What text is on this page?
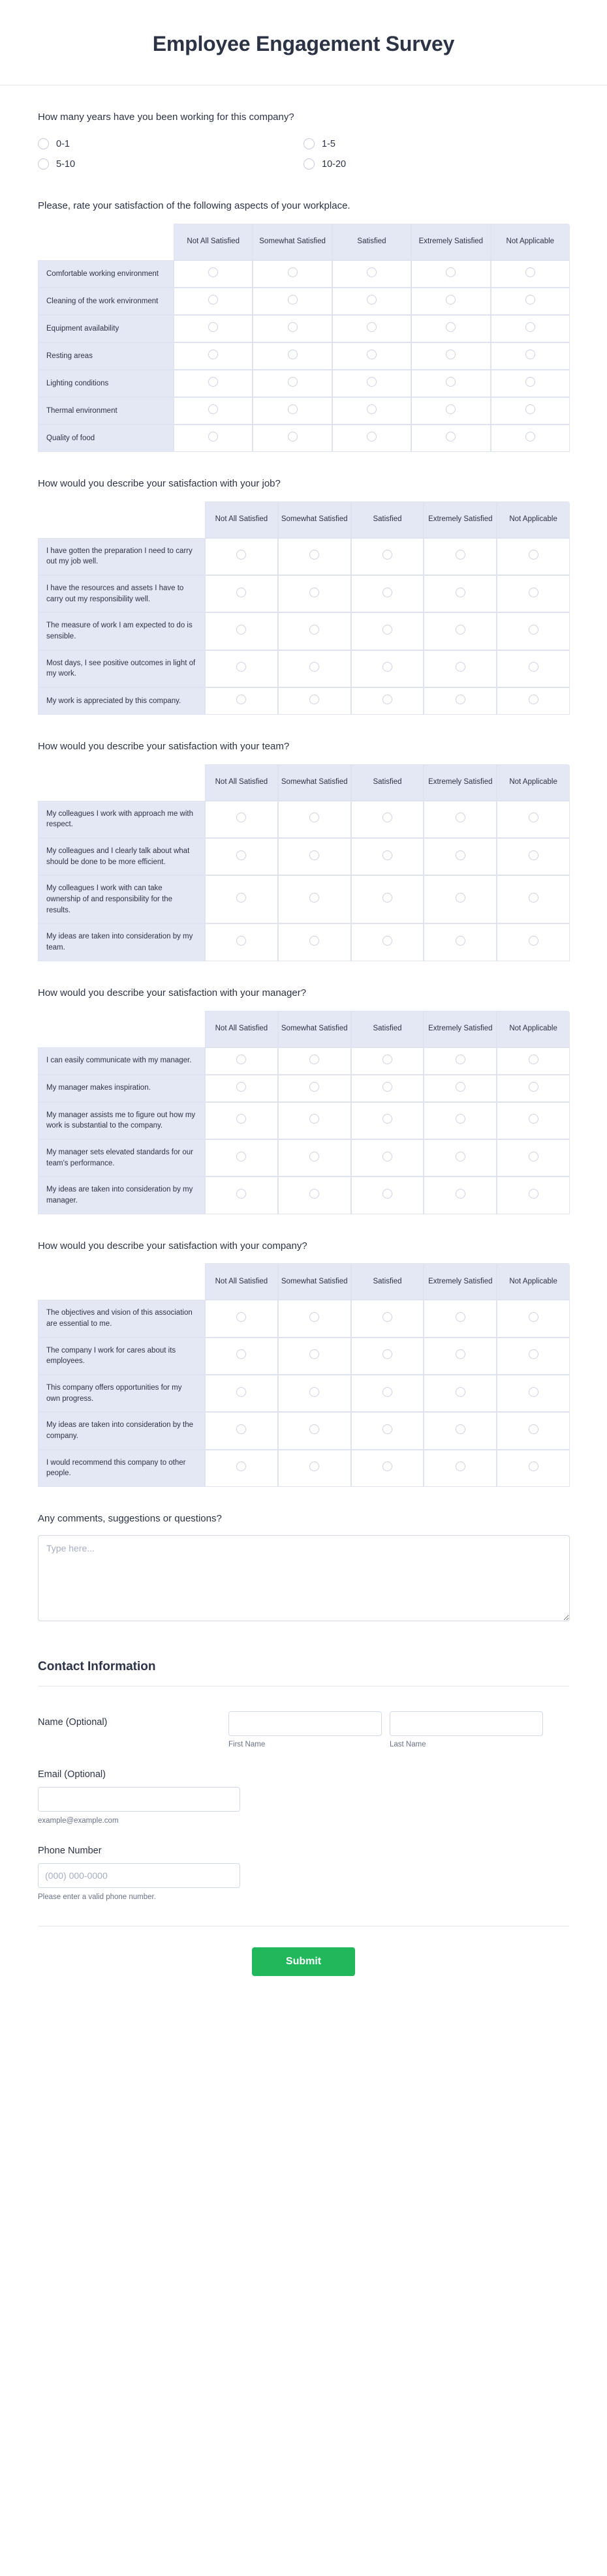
Employee Engagement Survey
How many years have you been working for this company?
0-1	1-5
5-10	10-20
Please, rate your satisfaction of the following aspects of your workplace.
	Not All Satisfied	Somewhat Satisfied	Satisfied	Extremely Satisfied	Not Applicable
Comfortable working environment					
Cleaning of the work environment					
Equipment availability					
Resting areas					
Lighting conditions					
Thermal environment					
Quality of food					
How would you describe your satisfaction with your job?
	Not All Satisfied	Somewhat Satisfied	Satisfied	Extremely Satisfied	Not Applicable
I have gotten the preparation I need to carry out my job well.					
I have the resources and assets I have to carry out my responsibility well.					
The measure of work I am expected to do is sensible.					
Most days, I see positive outcomes in light of my work.					
My work is appreciated by this company.					
How would you describe your satisfaction with your team?
	Not All Satisfied	Somewhat Satisfied	Satisfied	Extremely Satisfied	Not Applicable
My colleagues I work with approach me with respect.					
My colleagues and I clearly talk about what should be done to be more efficient.					
My colleagues I work with can take ownership of and responsibility for the results.					
My ideas are taken into consideration by my team.					
How would you describe your satisfaction with your manager?
	Not All Satisfied	Somewhat Satisfied	Satisfied	Extremely Satisfied	Not Applicable
I can easily communicate with my manager.					
My manager makes inspiration.					
My manager assists me to figure out how my work is substantial to the company.					
My manager sets elevated standards for our team's performance.					
My ideas are taken into consideration by my manager.					
How would you describe your satisfaction with your company?
	Not All Satisfied	Somewhat Satisfied	Satisfied	Extremely Satisfied	Not Applicable
The objectives and vision of this association are essential to me.					
The company I work for cares about its employees.					
This company offers opportunities for my own progress.					
My ideas are taken into consideration by the company.					
I would recommend this company to other people.					
Any comments, suggestions or questions?
Type here...
Contact Information
Name (Optional)
First Name	Last Name
Email (Optional)
example@example.com
Phone Number
(000) 000-0000
Please enter a valid phone number.
Submit
